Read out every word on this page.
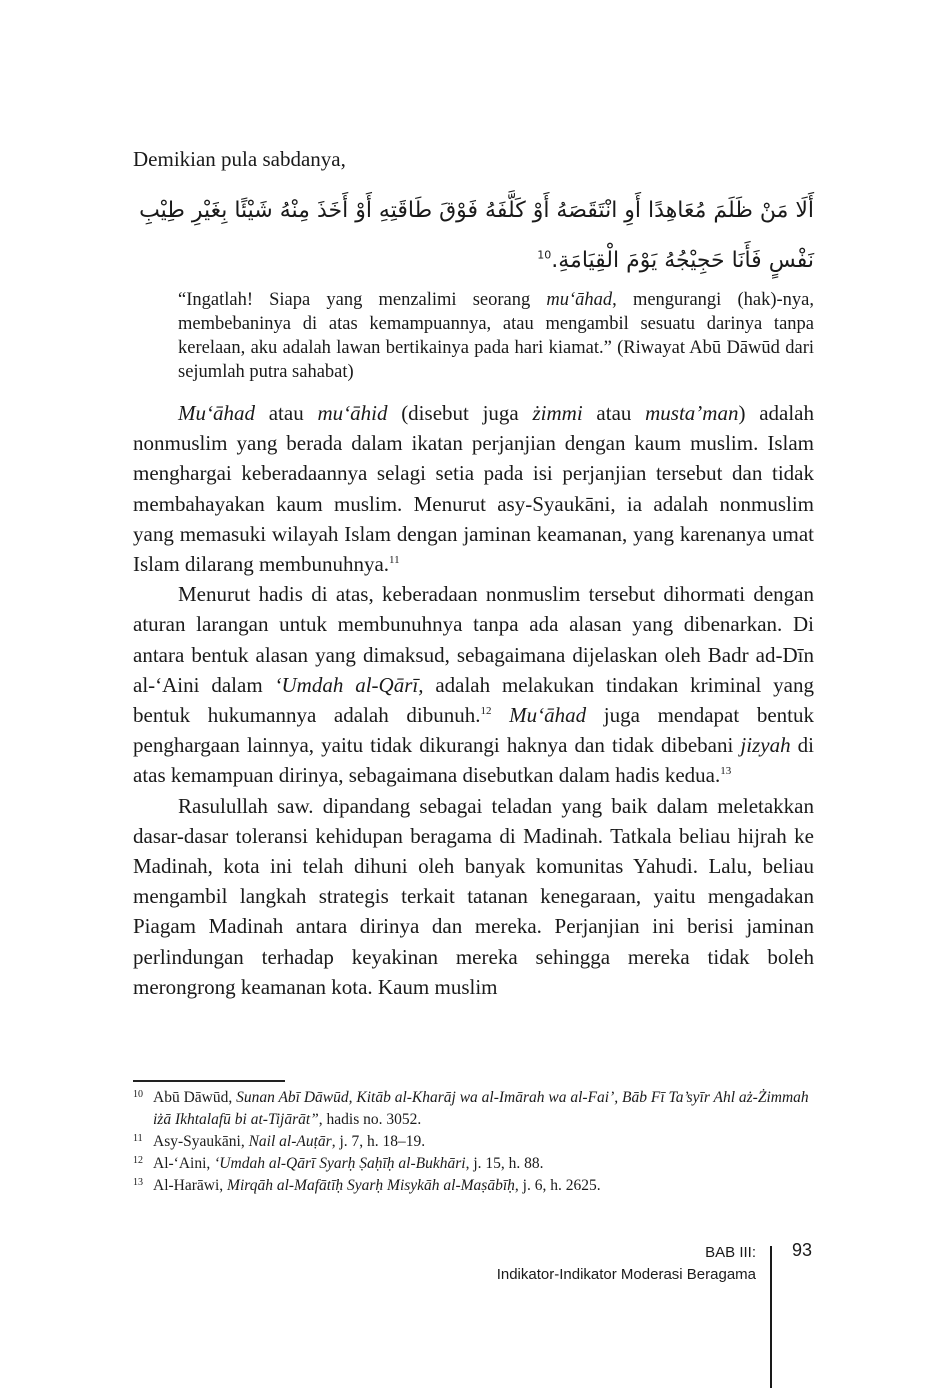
Demikian pula sabdanya,
أَلَا مَنْ ظَلَمَ مُعَاهِدًا أَوِ انْتَقَصَهُ أَوْ كَلَّفَهُ فَوْقَ طَاقَتِهِ أَوْ أَخَذَ مِنْهُ شَيْئًا بِغَيْرِ طِيْبِ
نَفْسٍ فَأَنَا حَجِيْجُهُ يَوْمَ الْقِيَامَةِ.$^{10}$

“Ingatlah! Siapa yang menzalimi seorang mu‘āhad, mengurangi (hak)-nya, membebaninya di atas kemampuannya, atau mengambil sesuatu darinya tanpa kerelaan, aku adalah lawan bertikainya pada hari kiamat.” (Riwayat Abū Dāwūd dari sejumlah putra sahabat)

Mu‘āhad atau mu‘āhid (disebut juga żimmi atau musta’man) adalah nonmuslim yang berada dalam ikatan perjanjian dengan kaum muslim. Islam menghargai keberadaannya selagi setia pada isi perjanjian tersebut dan tidak membahayakan kaum muslim. Menurut asy-Syaukāni, ia adalah nonmuslim yang memasuki wilayah Islam dengan jaminan keamanan, yang karenanya umat Islam dilarang membunuhnya.$^{11}$

Menurut hadis di atas, keberadaan nonmuslim tersebut dihormati dengan aturan larangan untuk membunuhnya tanpa ada alasan yang dibenarkan. Di antara bentuk alasan yang dimaksud, sebagaimana dijelaskan oleh Badr ad-Dīn al-‘Aini dalam ‘Umdah al-Qārī, adalah melakukan tindakan kriminal yang bentuk hukumannya adalah dibunuh.$^{12}$ Mu‘āhad juga mendapat bentuk penghargaan lainnya, yaitu tidak dikurangi haknya dan tidak dibebani jizyah di atas kemampuan dirinya, sebagaimana disebutkan dalam hadis kedua.$^{13}$

Rasulullah saw. dipandang sebagai teladan yang baik dalam meletakkan dasar-dasar toleransi kehidupan beragama di Madinah. Tatkala beliau hijrah ke Madinah, kota ini telah dihuni oleh banyak komunitas Yahudi. Lalu, beliau mengambil langkah strategis terkait tatanan kenegaraan, yaitu mengadakan Piagam Madinah antara dirinya dan mereka. Perjanjian ini berisi jaminan perlindungan terhadap keyakinan mereka sehingga mereka tidak boleh merongrong keamanan kota. Kaum muslim

10 Abū Dāwūd, Sunan Abī Dāwūd, Kitāb al-Kharāj wa al-Imārah wa al-Fai’, Bāb Fī Ta’syīr Ahl aż-Żimmah iżā Ikhtalafū bi at-Tijārāt”, hadis no. 3052.
11 Asy-Syaukāni, Nail al-Auṭār, j. 7, h. 18–19.
12 Al-‘Aini, ‘Umdah al-Qārī Syarḥ Ṣaḥīḥ al-Bukhāri, j. 15, h. 88.
13 Al-Harāwi, Mirqāh al-Mafātīḥ Syarḥ Misykāh al-Maṣābīḥ, j. 6, h. 2625.
BAB III:
Indikator-Indikator Moderasi Beragama
93
